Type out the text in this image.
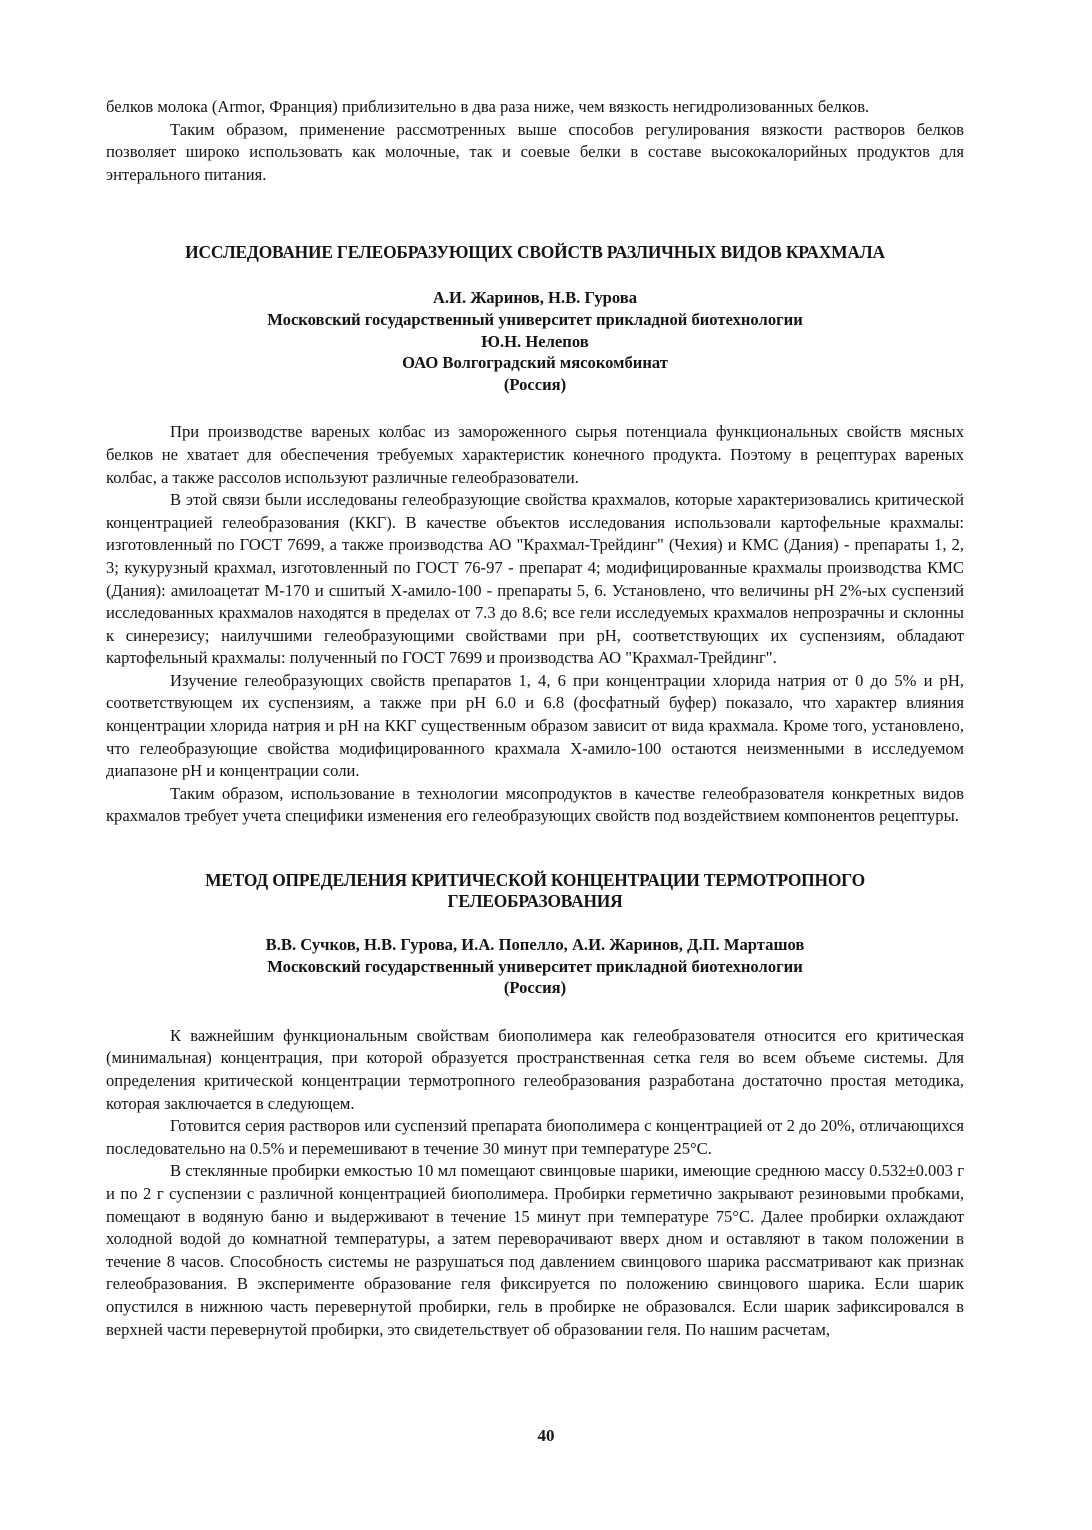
белков молока (Armor, Франция) приблизительно в два раза ниже, чем вязкость негидролизованных белков.

Таким образом, применение рассмотренных выше способов регулирования вязкости растворов белков позволяет широко использовать как молочные, так и соевые белки в составе высококалорийных продуктов для энтерального питания.

ИССЛЕДОВАНИЕ ГЕЛЕОБРАЗУЮЩИХ СВОЙСТВ РАЗЛИЧНЫХ ВИДОВ КРАХМАЛА
А.И. Жаринов, Н.В. Гурова
Московский государственный университет прикладной биотехнологии
Ю.Н. Нелепов
ОАО Волгоградский мясокомбинат
(Россия)

При производстве вареных колбас из замороженного сырья потенциала функциональных свойств мясных белков не хватает для обеспечения требуемых характеристик конечного продукта. Поэтому в рецептурах вареных колбас, а также рассолов используют различные гелеобразователи.

В этой связи были исследованы гелеобразующие свойства крахмалов, которые характеризовались критической концентрацией гелеобразования (ККГ). В качестве объектов исследования использовали картофельные крахмалы: изготовленный по ГОСТ 7699, а также производства АО "Крахмал-Трейдинг" (Чехия) и КМС (Дания) - препараты 1, 2, 3; кукурузный крахмал, изготовленный по ГОСТ 76-97 - препарат 4; модифицированные крахмалы производства КМС (Дания): амилоацетат М-170 и сшитый Х-амило-100 - препараты 5, 6. Установлено, что величины рН 2%-ых суспензий исследованных крахмалов находятся в пределах от 7.3 до 8.6; все гели исследуемых крахмалов непрозрачны и склонны к синерезису; наилучшими гелеобразующими свойствами при рН, соответствующих их суспензиям, обладают картофельный крахмалы: полученный по ГОСТ 7699 и производства АО "Крахмал-Трейдинг".

Изучение гелеобразующих свойств препаратов 1, 4, 6 при концентрации хлорида натрия от 0 до 5% и рН, соответствующем их суспензиям, а также при рН 6.0 и 6.8 (фосфатный буфер) показало, что характер влияния концентрации хлорида натрия и рН на ККГ существенным образом зависит от вида крахмала. Кроме того, установлено, что гелеобразующие свойства модифицированного крахмала Х-амило-100 остаются неизменными в исследуемом диапазоне рН и концентрации соли.

Таким образом, использование в технологии мясопродуктов в качестве гелеобразователя конкретных видов крахмалов требует учета специфики изменения его гелеобразующих свойств под воздействием компонентов рецептуры.

МЕТОД ОПРЕДЕЛЕНИЯ КРИТИЧЕСКОЙ КОНЦЕНТРАЦИИ ТЕРМОТРОПНОГО
ГЕЛЕОБРАЗОВАНИЯ
В.В. Сучков, Н.В. Гурова, И.А. Попелло, А.И. Жаринов, Д.П. Марташов
Московский государственный университет прикладной биотехнологии
(Россия)

К важнейшим функциональным свойствам биополимера как гелеобразователя относится его критическая (минимальная) концентрация, при которой образуется пространственная сетка геля во всем объеме системы. Для определения критической концентрации термотропного гелеобразования разработана достаточно простая методика, которая заключается в следующем.

Готовится серия растворов или суспензий препарата биополимера с концентрацией от 2 до 20%, отличающихся последовательно на 0.5% и перемешивают в течение 30 минут при температуре 25°С.

В стеклянные пробирки емкостью 10 мл помещают свинцовые шарики, имеющие среднюю массу 0.532±0.003 г и по 2 г суспензии с различной концентрацией биополимера. Пробирки герметично закрывают резиновыми пробками, помещают в водяную баню и выдерживают в течение 15 минут при температуре 75°С. Далее пробирки охлаждают холодной водой до комнатной температуры, а затем переворачивают вверх дном и оставляют в таком положении в течение 8 часов. Способность системы не разрушаться под давлением свинцового шарика рассматривают как признак гелеобразования. В эксперименте образование геля фиксируется по положению свинцового шарика. Если шарик опустился в нижнюю часть перевернутой пробирки, гель в пробирке не образовался. Если шарик зафиксировался в верхней части перевернутой пробирки, это свидетельствует об образовании геля. По нашим расчетам,

40
